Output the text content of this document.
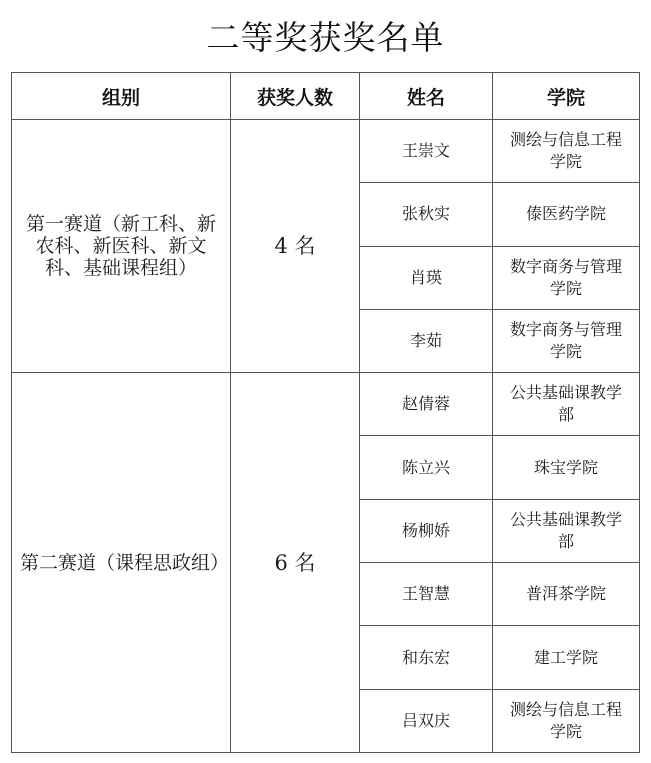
二等奖获奖名单
组别	获奖人数	姓名	学院
第一赛道（新工科、新农科、新医科、新文科、基础课程组）	4 名	王崇文	测绘与信息工程学院
		张秋实	傣医药学院
		肖瑛	数字商务与管理学院
		李茹	数字商务与管理学院
第二赛道（课程思政组）	6 名	赵倩蓉	公共基础课教学部
		陈立兴	珠宝学院
		杨柳娇	公共基础课教学部
		王智慧	普洱茶学院
		和东宏	建工学院
		吕双庆	测绘与信息工程学院
